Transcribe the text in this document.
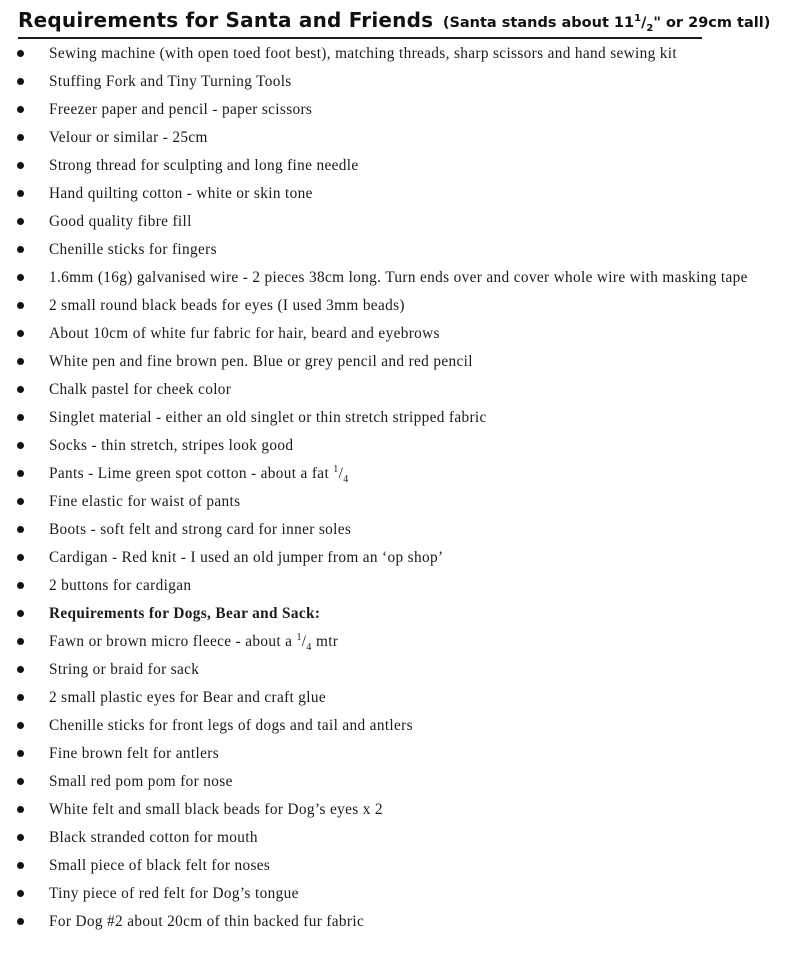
Requirements for Santa and Friends (Santa stands about $11^1/_2$" or 29cm tall)
Sewing machine (with open toed foot best), matching threads, sharp scissors and hand sewing kit
Stuffing Fork and Tiny Turning Tools
Freezer paper and pencil - paper scissors
Velour or similar - 25cm
Strong thread for sculpting and long fine needle
Hand quilting cotton - white or skin tone
Good quality fibre fill
Chenille sticks for fingers
1.6mm (16g) galvanised wire - 2 pieces 38cm long. Turn ends over and cover whole wire with masking tape
2 small round black beads for eyes (I used 3mm beads)
About 10cm of white fur fabric for hair, beard and eyebrows
White pen and fine brown pen. Blue or grey pencil and red pencil
Chalk pastel for cheek color
Singlet material - either an old singlet or thin stretch stripped fabric
Socks - thin stretch, stripes look good
Pants - Lime green spot cotton - about a fat $^1/_4$
Fine elastic for waist of pants
Boots - soft felt and strong card for inner soles
Cardigan - Red knit - I used an old jumper from an ‘op shop’
2 buttons for cardigan
Requirements for Dogs, Bear and Sack:
Fawn or brown micro fleece - about a $^1/_4$ mtr
String or braid for sack
2 small plastic eyes for Bear and craft glue
Chenille sticks for front legs of dogs and tail and antlers
Fine brown felt for antlers
Small red pom pom for nose
White felt and small black beads for Dog’s eyes x 2
Black stranded cotton for mouth
Small piece of black felt for noses
Tiny piece of red felt for Dog’s tongue
For Dog #2 about 20cm of thin backed fur fabric
